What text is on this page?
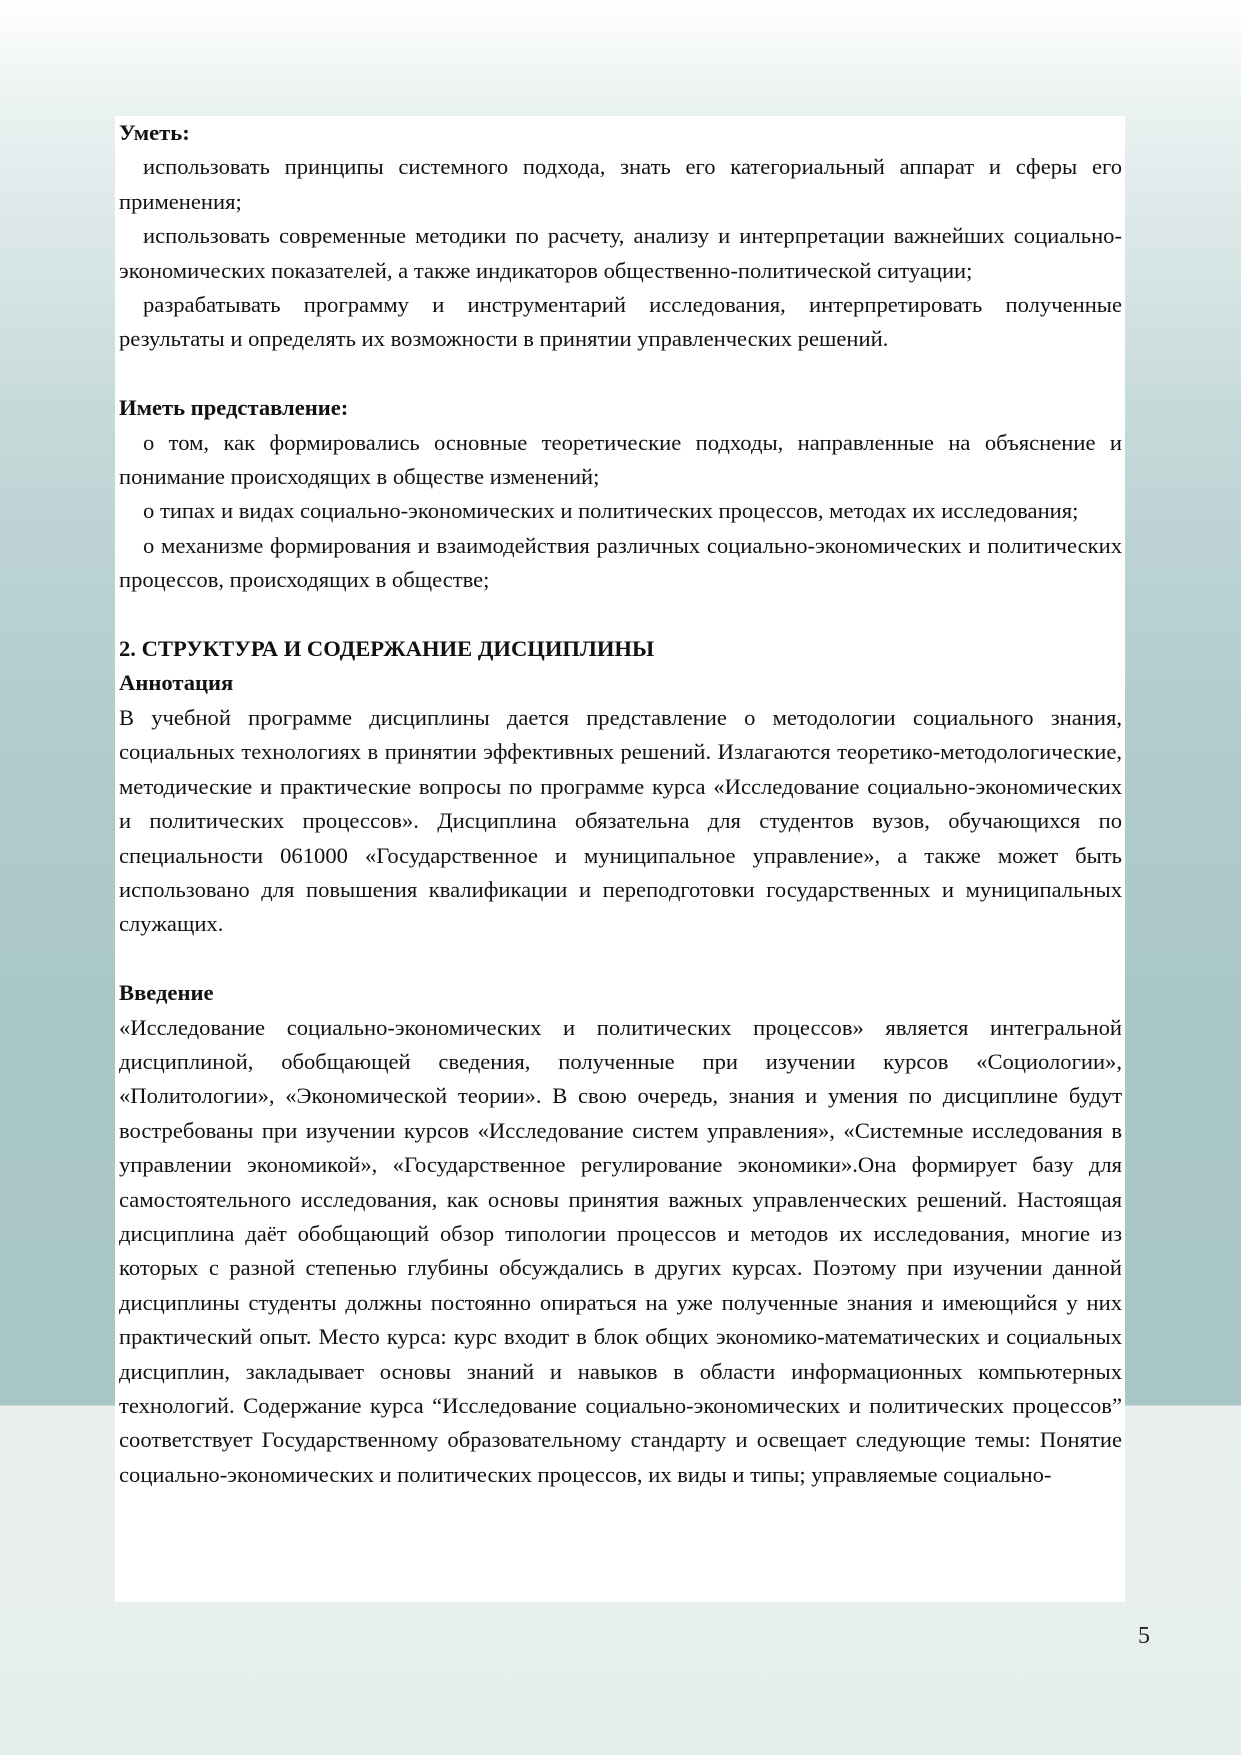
Уметь:

использовать принципы системного подхода, знать его категориальный аппарат и сферы его применения;

использовать современные методики по расчету, анализу и интерпретации важнейших социально-экономических показателей, а также индикаторов общественно-политической ситуации;

разрабатывать программу и инструментарий исследования, интерпретировать полученные результаты и определять их возможности в принятии управленческих решений.

Иметь представление:

о том, как формировались основные теоретические подходы, направленные на объяснение и понимание происходящих в обществе изменений;

о типах и видах социально-экономических и политических процессов, методах их исследования;

о механизме формирования и взаимодействия различных социально-экономических и политических процессов, происходящих в обществе;

2. СТРУКТУРА И СОДЕРЖАНИЕ ДИСЦИПЛИНЫ

Аннотация

В учебной программе дисциплины дается представление о методологии социального знания, социальных технологиях в принятии эффективных решений. Излагаются теоретико-методологические, методические и практические вопросы по программе курса «Исследование социально-экономических и политических процессов». Дисциплина обязательна для студентов вузов, обучающихся по специальности 061000 «Государственное и муниципальное управление», а также может быть использовано для повышения квалификации и переподготовки государственных и муниципальных служащих.

Введение

«Исследование социально-экономических и политических процессов» является интегральной дисциплиной, обобщающей сведения, полученные при изучении курсов «Социологии», «Политологии», «Экономической теории». В свою очередь, знания и умения по дисциплине будут востребованы при изучении курсов «Исследование систем управления», «Системные исследования в управлении экономикой», «Государственное регулирование экономики».Она формирует базу для самостоятельного исследования, как основы принятия важных управленческих решений. Настоящая дисциплина даёт обобщающий обзор типологии процессов и методов их исследования, многие из которых с разной степенью глубины обсуждались в других курсах. Поэтому при изучении данной дисциплины студенты должны постоянно опираться на уже полученные знания и имеющийся у них практический опыт. Место курса: курс входит в блок общих экономико-математических и социальных дисциплин, закладывает основы знаний и навыков в области информационных компьютерных технологий. Содержание курса “Исследование социально-экономических и политических процессов” соответствует Государственному образовательному стандарту и освещает следующие темы: Понятие социально-экономических и политических процессов, их виды и типы; управляемые социально-

5
